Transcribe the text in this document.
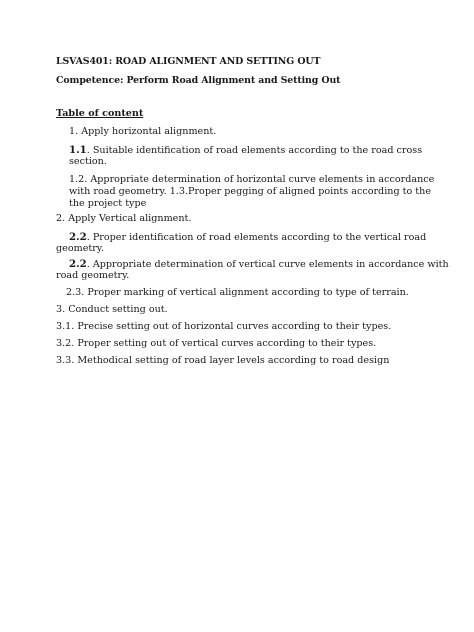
LSVAS401: ROAD ALIGNMENT AND SETTING OUT
Competence: Perform Road Alignment and Setting Out
Table of content
1. Apply horizontal alignment.
1.1. Suitable identification of road elements according to the road cross
section.
1.2. Appropriate determination of horizontal curve elements in accordance
with road geometry. 1.3.Proper pegging of aligned points according to the
the project type
2. Apply Vertical alignment.
2.2. Proper identification of road elements according to the vertical road
geometry.
2.2. Appropriate determination of vertical curve elements in accordance with
road geometry.
2.3. Proper marking of vertical alignment according to type of terrain.
3. Conduct setting out.
3.1. Precise setting out of horizontal curves according to their types.
3.2. Proper setting out of vertical curves according to their types.
3.3. Methodical setting of road layer levels according to road design
